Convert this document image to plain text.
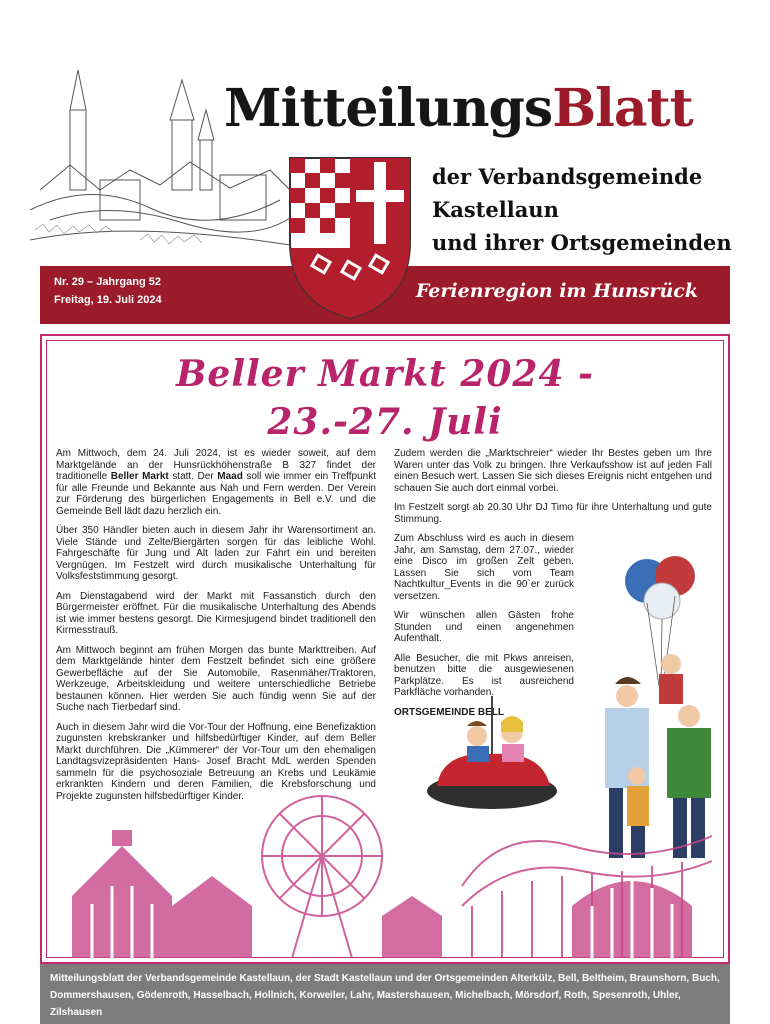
MitteilungsBlatt
der Verbandsgemeinde
Kastellaun
und ihrer Ortsgemeinden
Nr. 29 – Jahrgang 52
Freitag, 19. Juli 2024	Ferienregion im Hunsrück
Beller Markt 2024 -
23.-27. Juli

Am Mittwoch, dem 24. Juli 2024, ist es wieder soweit, auf dem Marktgelände an der Hunsrückhöhenstraße B 327 findet der traditionelle Beller Markt statt. Der Maad soll wie immer ein Treffpunkt für alle Freunde und Bekannte aus Nah und Fern werden. Der Verein zur Förderung des bürgerlichen Engagements in Bell e.V. und die Gemeinde Bell lädt dazu herzlich ein.

Über 350 Händler bieten auch in diesem Jahr ihr Warensortiment an. Viele Stände und Zelte/Biergärten sorgen für das leibliche Wohl. Fahrgeschäfte für Jung und Alt laden zur Fahrt ein und bereiten Vergnügen. Im Festzelt wird durch musikalische Unterhaltung für Volksfeststimmung gesorgt.

Am Dienstagabend wird der Markt mit Fassanstich durch den Bürgermeister eröffnet. Für die musikalische Unterhaltung des Abends ist wie immer bestens gesorgt. Die Kirmesjugend bindet traditionell den Kirmesstrauß.

Am Mittwoch beginnt am frühen Morgen das bunte Markttreiben. Auf dem Marktgelände hinter dem Festzelt befindet sich eine größere Gewerbefläche auf der Sie Automobile, Rasenmäher/Traktoren, Werkzeuge, Arbeitskleidung und weitere unterschiedliche Betriebe bestaunen können. Hier werden Sie auch fündig wenn Sie auf der Suche nach Tierbedarf sind.

Auch in diesem Jahr wird die Vor-Tour der Hoffnung, eine Benefizaktion zugunsten krebskranker und hilfsbedürftiger Kinder, auf dem Beller Markt durchführen. Die „Kümmerer“ der Vor-Tour um den ehemaligen Landtagsvizepräsidenten Hans- Josef Bracht MdL werden Spenden sammeln für die psychosoziale Betreuung an Krebs und Leukämie erkrankten Kindern und deren Familien, die Krebsforschung und Projekte zugunsten hilfsbedürftiger Kinder.

Zudem werden die „Marktschreier“ wieder Ihr Bestes geben um Ihre Waren unter das Volk zu bringen. Ihre Verkaufsshow ist auf jeden Fall einen Besuch wert. Lassen Sie sich dieses Ereignis nicht entgehen und schauen Sie auch dort einmal vorbei.

Im Festzelt sorgt ab 20.30 Uhr DJ Timo für ihre Unterhaltung und gute Stimmung.

Zum Abschluss wird es auch in diesem Jahr, am Samstag, dem 27.07., wieder eine Disco im großen Zelt geben. Lassen Sie sich vom Team Nachtkultur_Events in die 90`er zurück versetzen.

Wir wünschen allen Gästen frohe Stunden und einen angenehmen Aufenthalt.

Alle Besucher, die mit Pkws anreisen, benutzen bitte die ausgewiesenen Parkplätze. Es ist ausreichend Parkfläche vorhanden.

ORTSGEMEINDE BELL

Mitteilungsblatt der Verbandsgemeinde Kastellaun, der Stadt Kastellaun und der Ortsgemeinden Alterkülz, Bell, Beltheim, Braunshorn, Buch, Dommershausen, Gödenroth, Hasselbach, Hollnich, Korweiler, Lahr, Mastershausen, Michelbach, Mörsdorf, Roth, Spesenroth, Uhler, Zilshausen
